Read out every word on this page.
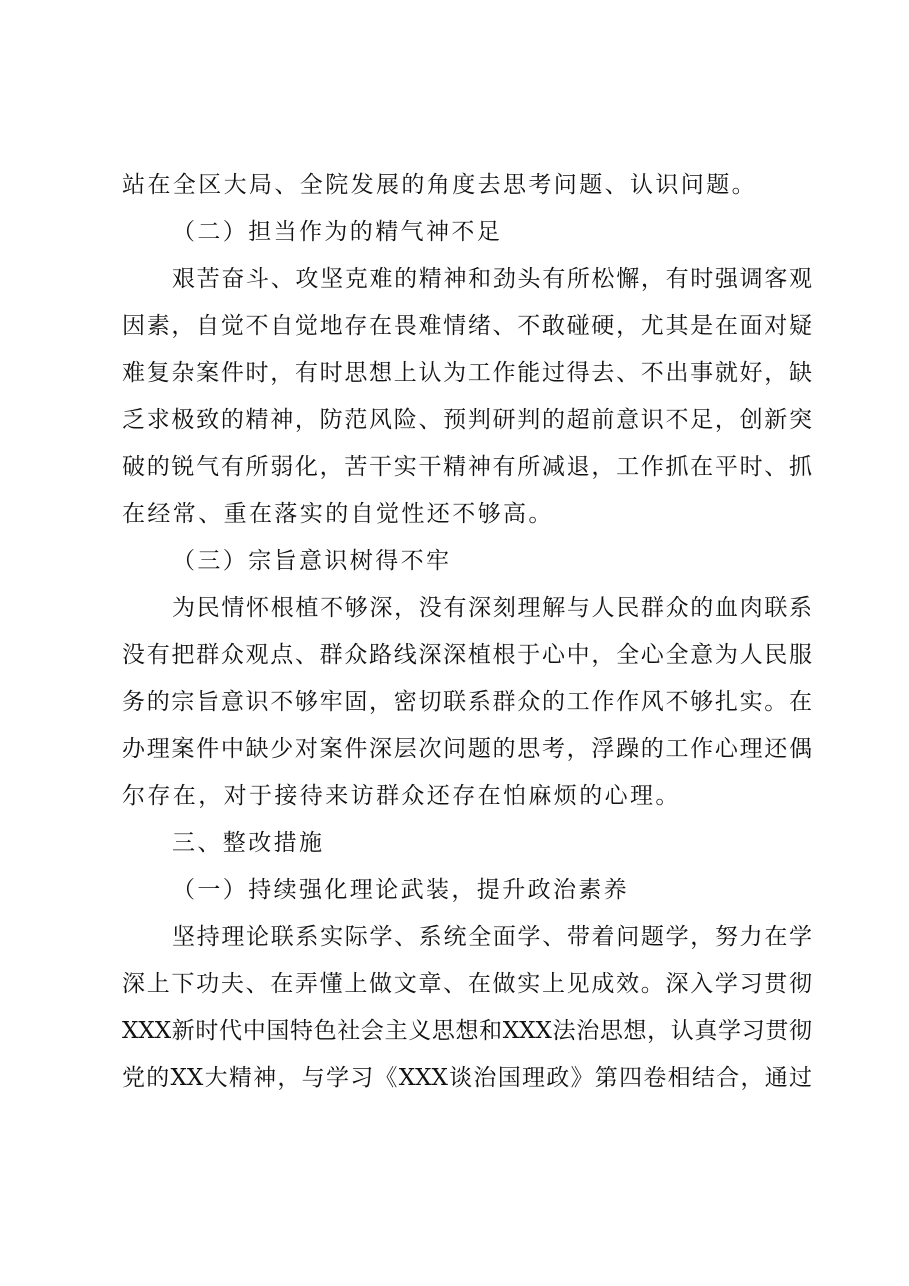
站在全区大局、全院发展的角度去思考问题、认识问题。
（二）担当作为的精气神不足
艰苦奋斗、攻坚克难的精神和劲头有所松懈，有时强调客观
因素，自觉不自觉地存在畏难情绪、不敢碰硬，尤其是在面对疑
难复杂案件时，有时思想上认为工作能过得去、不出事就好，缺
乏求极致的精神，防范风险、预判研判的超前意识不足，创新突
破的锐气有所弱化，苦干实干精神有所减退，工作抓在平时、抓
在经常、重在落实的自觉性还不够高。
（三）宗旨意识树得不牢
为民情怀根植不够深，没有深刻理解与人民群众的血肉联系
没有把群众观点、群众路线深深植根于心中，全心全意为人民服
务的宗旨意识不够牢固，密切联系群众的工作作风不够扎实。在
办理案件中缺少对案件深层次问题的思考，浮躁的工作心理还偶
尔存在，对于接待来访群众还存在怕麻烦的心理。
三、整改措施
（一）持续强化理论武装，提升政治素养
坚持理论联系实际学、系统全面学、带着问题学，努力在学
深上下功夫、在弄懂上做文章、在做实上见成效。深入学习贯彻
XXX新时代中国特色社会主义思想和XXX法治思想，认真学习贯彻
党的XX大精神，与学习《XXX谈治国理政》第四卷相结合，通过
